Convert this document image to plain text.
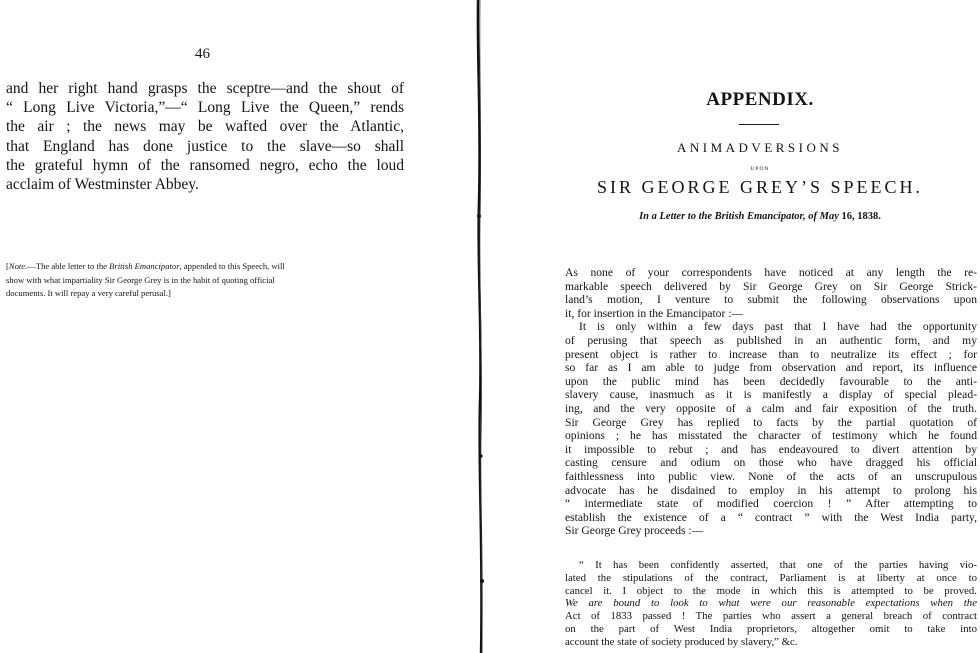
46
and her right hand grasps the sceptre—and the shout of
“ Long Live Victoria,”—“ Long Live the Queen,” rends
the air ; the news may be wafted over the Atlantic,
that England has done justice to the slave—so shall
the grateful hymn of the ransomed negro, echo the loud
acclaim of Westminster Abbey.
[Note.—The able letter to the British Emancipator, appended to this Speech, will
show with what impartiality Sir George Grey is in the habit of quoting official
documents. It will repay a very careful perusal.]
APPENDIX.
ANIMADVERSIONS
UPON
SIR GEORGE GREY’S SPEECH.
In a Letter to the British Emancipator, of May 16, 1838.
As none of your correspondents have noticed at any length the re-
markable speech delivered by Sir George Grey on Sir George Strick-
land’s motion, I venture to submit the following observations upon
it, for insertion in the Emancipator :—
It is only within a few days past that I have had the opportunity
of perusing that speech as published in an authentic form, and my
present object is rather to increase than to neutralize its effect ; for
so far as I am able to judge from observation and report, its influence
upon the public mind has been decidedly favourable to the anti-
slavery cause, inasmuch as it is manifestly a display of special plead-
ing, and the very opposite of a calm and fair exposition of the truth.
Sir George Grey has replied to facts by the partial quotation of
opinions ; he has misstated the character of testimony which he found
it impossible to rebut ; and has endeavoured to divert attention by
casting censure and odium on those who have dragged his official
faithlessness into public view. None of the acts of an unscrupulous
advocate has he disdained to employ in his attempt to prolong his
“ intermediate state of modified coercion ! ” After attempting to
establish the existence of a “ contract ” with the West India party,
Sir George Grey proceeds :—
“ It has been confidently asserted, that one of the parties having vio-
lated the stipulations of the contract, Parliament is at liberty at once to
cancel it. I object to the mode in which this is attempted to be proved.
We are bound to look to what were our reasonable expectations when the
Act of 1833 passed ! The parties who assert a general breach of contract
on the part of West India proprietors, altogether omit to take into
account the state of society produced by slavery,” &c.
